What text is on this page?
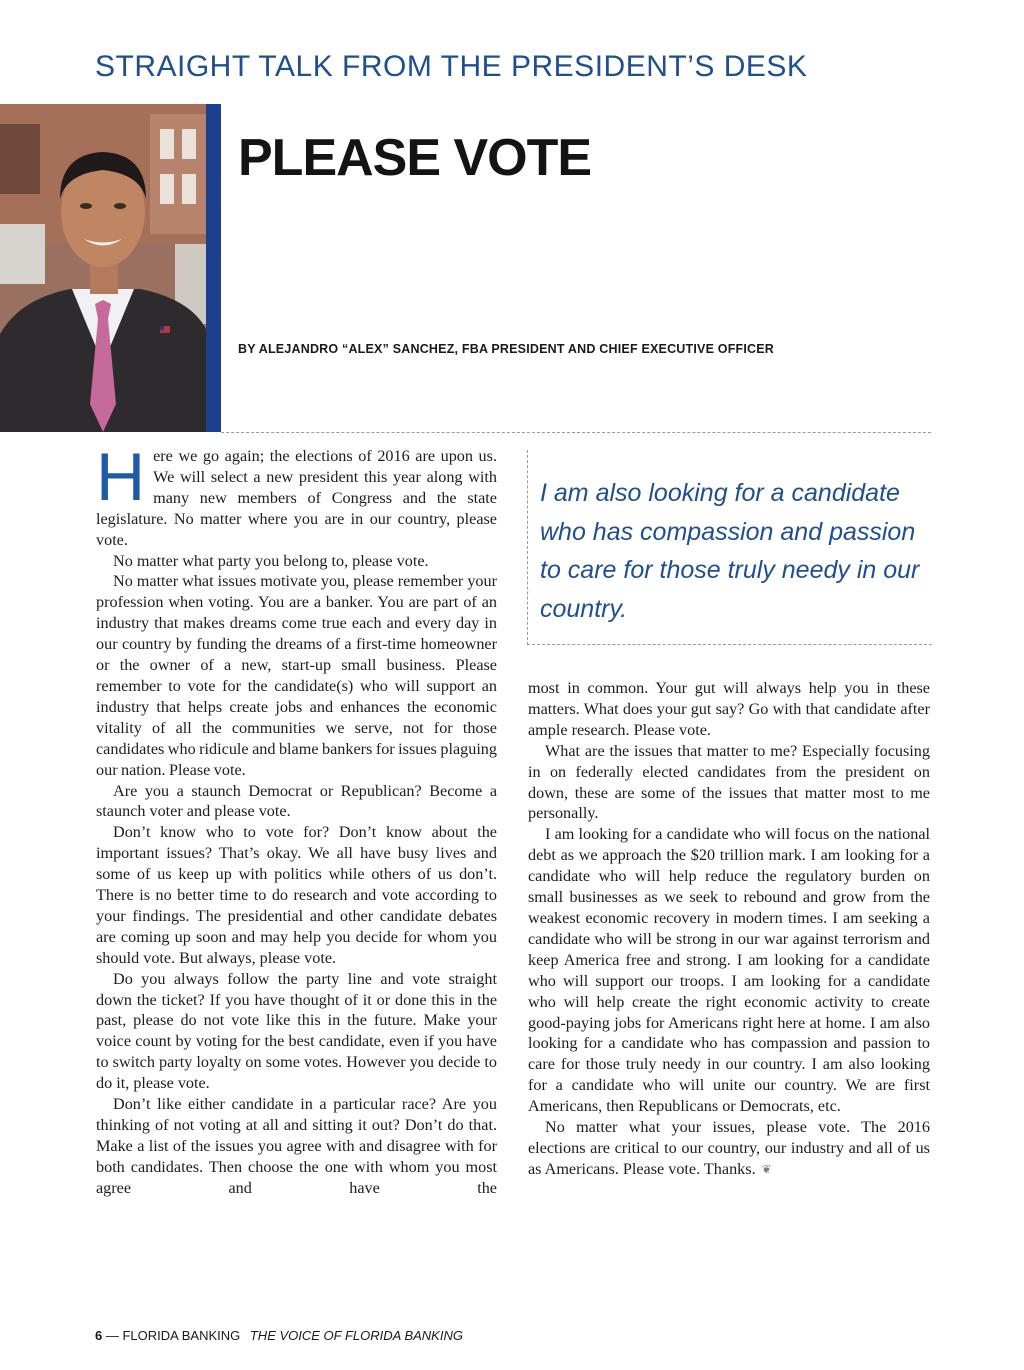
STRAIGHT TALK FROM THE PRESIDENT’S DESK
PLEASE VOTE
BY ALEJANDRO “ALEX” SANCHEZ, FBA PRESIDENT AND CHIEF EXECUTIVE OFFICER

Here we go again; the elections of 2016 are upon us. We will select a new president this year along with many new members of Congress and the state legislature. No matter where you are in our country, please vote.

No matter what party you belong to, please vote.

No matter what issues motivate you, please remember your profession when voting. You are a banker. You are part of an industry that makes dreams come true each and every day in our country by funding the dreams of a first-time homeowner or the owner of a new, start-up small business. Please remember to vote for the candidate(s) who will support an industry that helps create jobs and enhances the economic vitality of all the communities we serve, not for those candidates who ridicule and blame bankers for issues plaguing our nation. Please vote.

Are you a staunch Democrat or Republican? Become a staunch voter and please vote.

Don’t know who to vote for? Don’t know about the important issues? That’s okay. We all have busy lives and some of us keep up with politics while others of us don’t. There is no better time to do research and vote according to your findings. The presidential and other candidate debates are coming up soon and may help you decide for whom you should vote. But always, please vote.

Do you always follow the party line and vote straight down the ticket? If you have thought of it or done this in the past, please do not vote like this in the future. Make your voice count by voting for the best candidate, even if you have to switch party loyalty on some votes. However you decide to do it, please vote.

Don’t like either candidate in a particular race? Are you thinking of not voting at all and sitting it out? Don’t do that. Make a list of the issues you agree with and disagree with for both candidates. Then choose the one with whom you most agree and have the

I am also looking for a candidate who has compassion and passion to care for those truly needy in our country.

most in common. Your gut will always help you in these matters. What does your gut say? Go with that candidate after ample research. Please vote.

What are the issues that matter to me? Especially focusing in on federally elected candidates from the president on down, these are some of the issues that matter most to me personally.

I am looking for a candidate who will focus on the national debt as we approach the $20 trillion mark. I am looking for a candidate who will help reduce the regulatory burden on small businesses as we seek to rebound and grow from the weakest economic recovery in modern times. I am seeking a candidate who will be strong in our war against terrorism and keep America free and strong. I am looking for a candidate who will support our troops. I am looking for a candidate who will help create the right economic activity to create good-paying jobs for Americans right here at home. I am also looking for a candidate who has compassion and passion to care for those truly needy in our country. I am also looking for a candidate who will unite our country. We are first Americans, then Republicans or Democrats, etc.

No matter what your issues, please vote. The 2016 elections are critical to our country, our industry and all of us as Americans. Please vote. Thanks. ❦

6 — FLORIDA BANKING THE VOICE OF FLORIDA BANKING
